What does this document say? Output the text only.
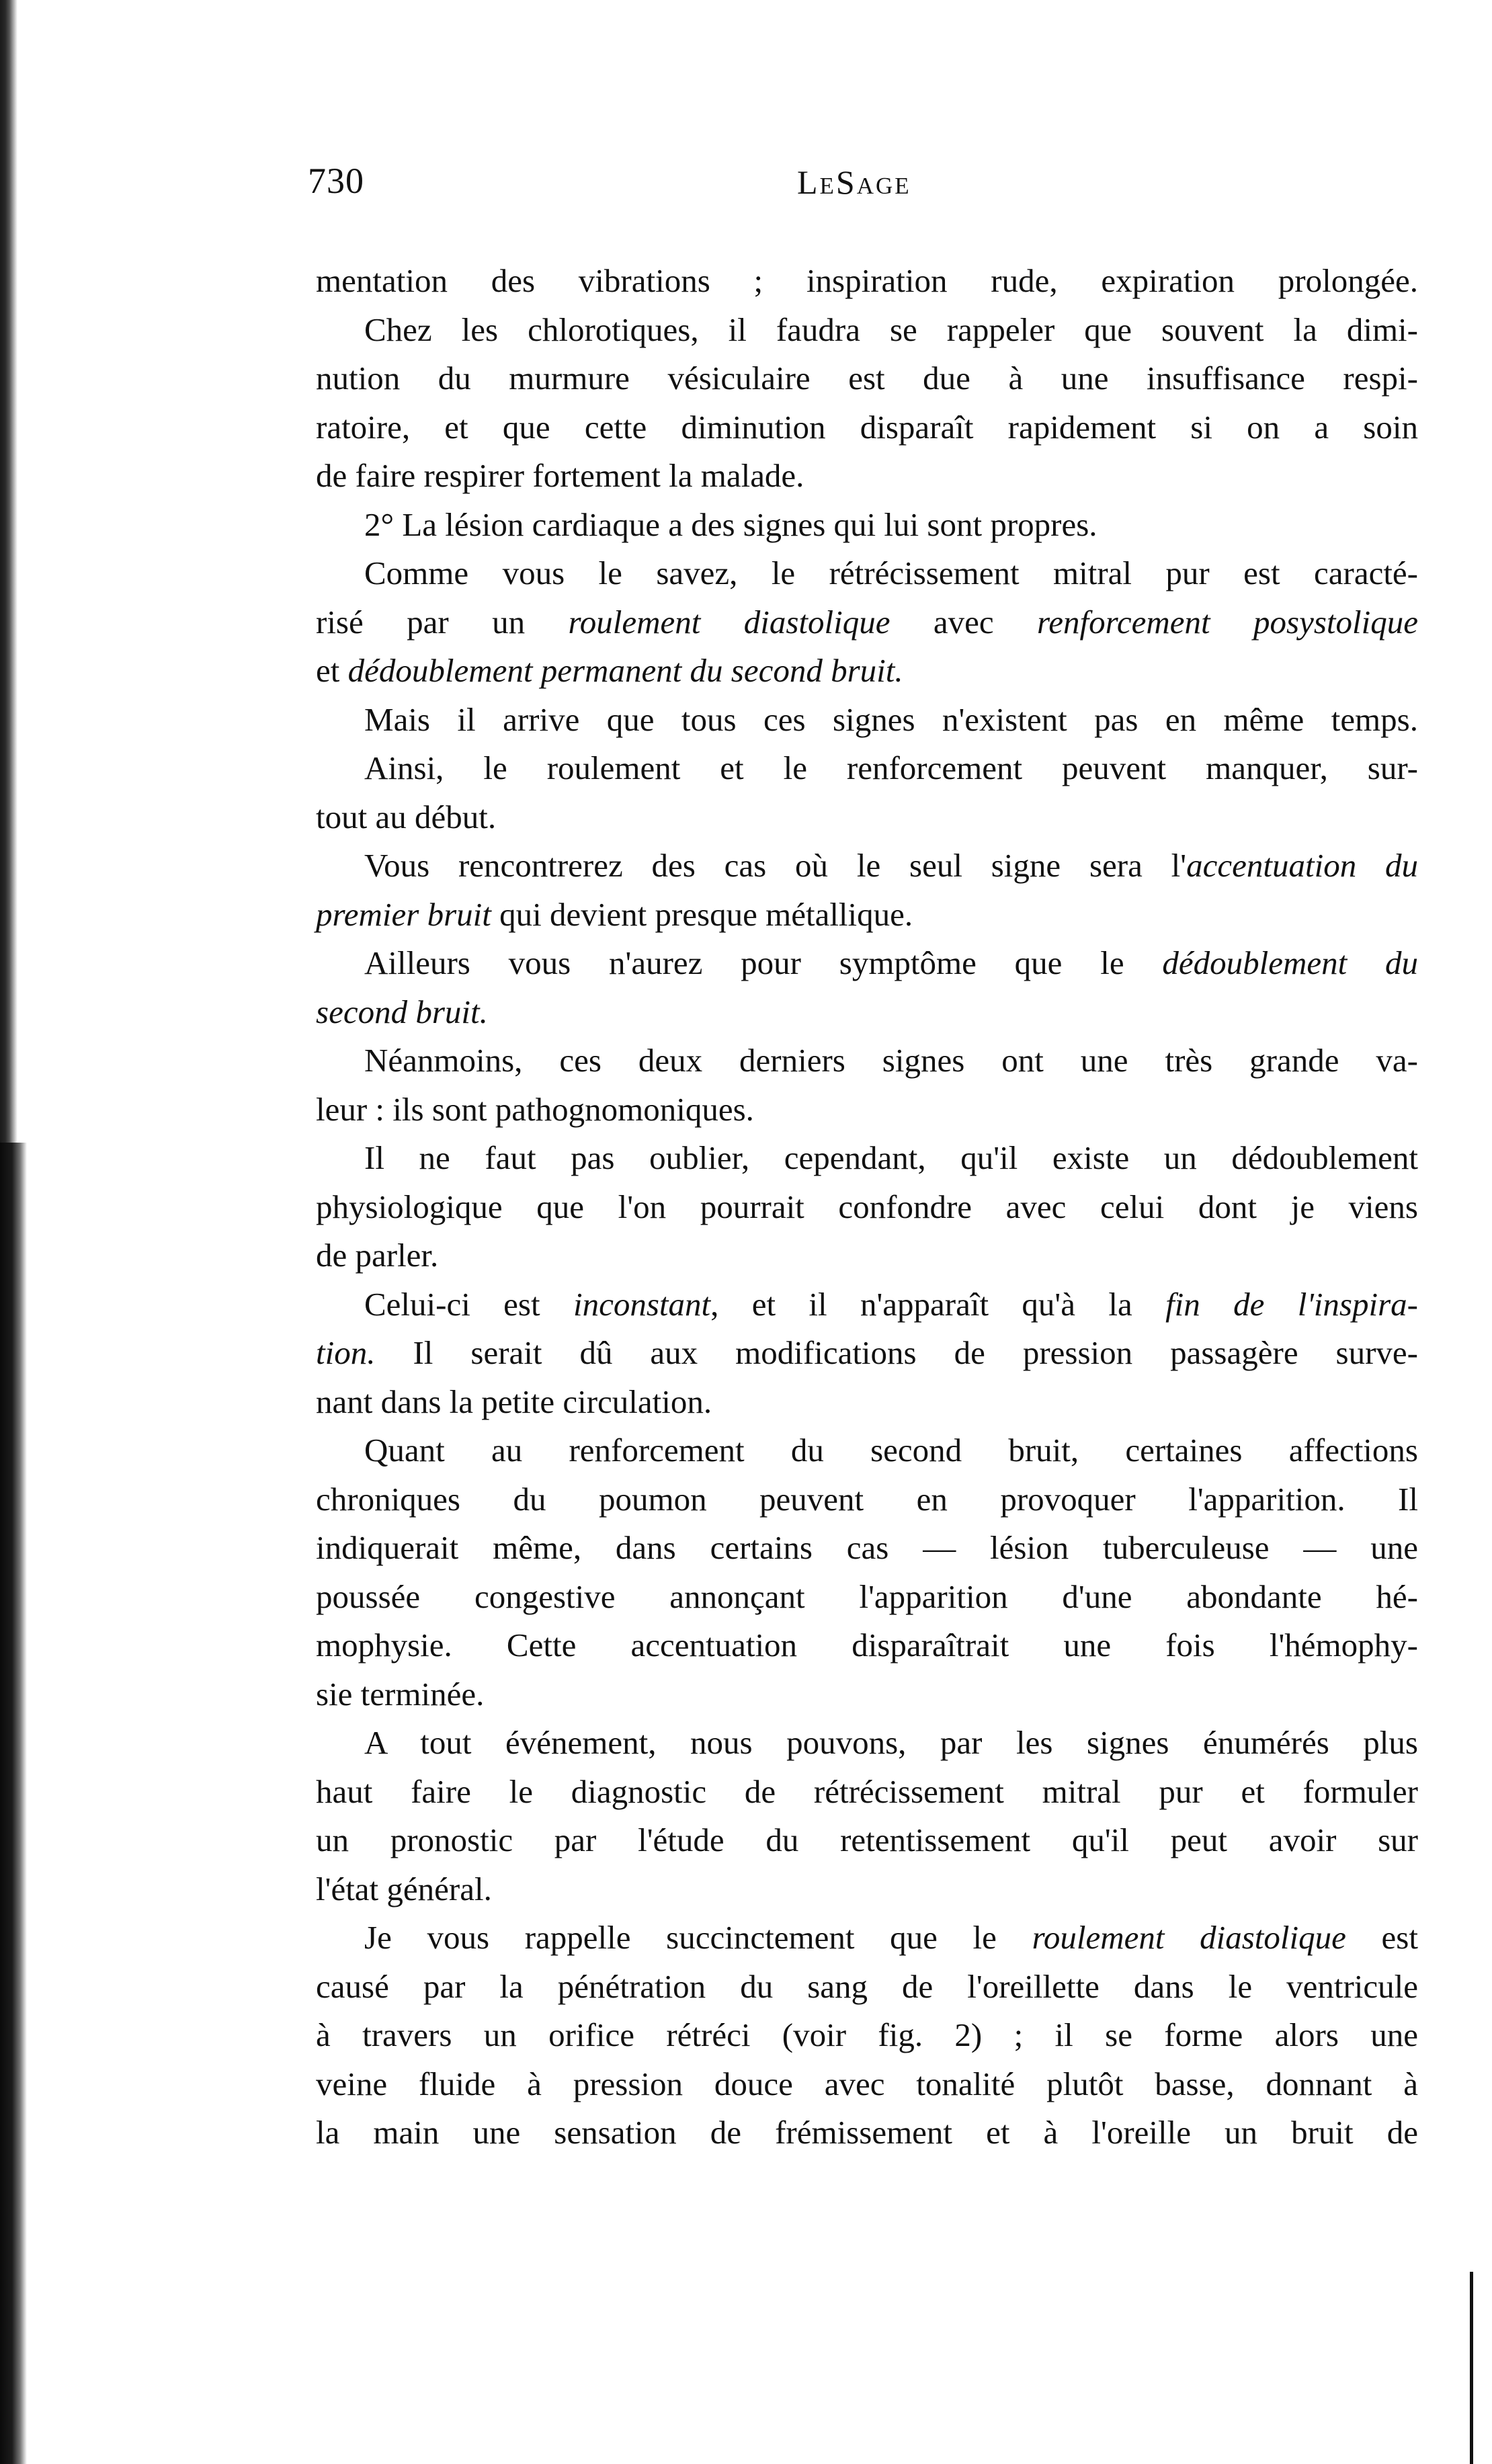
730	LeSage
mentation des vibrations ; inspiration rude, expiration prolongée.
Chez les chlorotiques, il faudra se rappeler que souvent la dimi-
nution du murmure vésiculaire est due à une insuffisance respi-
ratoire, et que cette diminution disparaît rapidement si on a soin
de faire respirer fortement la malade.
2° La lésion cardiaque a des signes qui lui sont propres.
Comme vous le savez, le rétrécissement mitral pur est caracté-
risé par un roulement diastolique avec renforcement posystolique
et dédoublement permanent du second bruit.
Mais il arrive que tous ces signes n'existent pas en même temps.
Ainsi, le roulement et le renforcement peuvent manquer, sur-
tout au début.
Vous rencontrerez des cas où le seul signe sera l'accentuation du
premier bruit qui devient presque métallique.
Ailleurs vous n'aurez pour symptôme que le dédoublement du
second bruit.
Néanmoins, ces deux derniers signes ont une très grande va-
leur : ils sont pathognomoniques.
Il ne faut pas oublier, cependant, qu'il existe un dédoublement
physiologique que l'on pourrait confondre avec celui dont je viens
de parler.
Celui-ci est inconstant, et il n'apparaît qu'à la fin de l'inspira-
tion. Il serait dû aux modifications de pression passagère surve-
nant dans la petite circulation.
Quant au renforcement du second bruit, certaines affections
chroniques du poumon peuvent en provoquer l'apparition. Il
indiquerait même, dans certains cas — lésion tuberculeuse — une
poussée congestive annonçant l'apparition d'une abondante hé-
mophysie. Cette accentuation disparaîtrait une fois l'hémophy-
sie terminée.
A tout événement, nous pouvons, par les signes énumérés plus
haut faire le diagnostic de rétrécissement mitral pur et formuler
un pronostic par l'étude du retentissement qu'il peut avoir sur
l'état général.
Je vous rappelle succinctement que le roulement diastolique est
causé par la pénétration du sang de l'oreillette dans le ventricule
à travers un orifice rétréci (voir fig. 2) ; il se forme alors une
veine fluide à pression douce avec tonalité plutôt basse, donnant à
la main une sensation de frémissement et à l'oreille un bruit de
